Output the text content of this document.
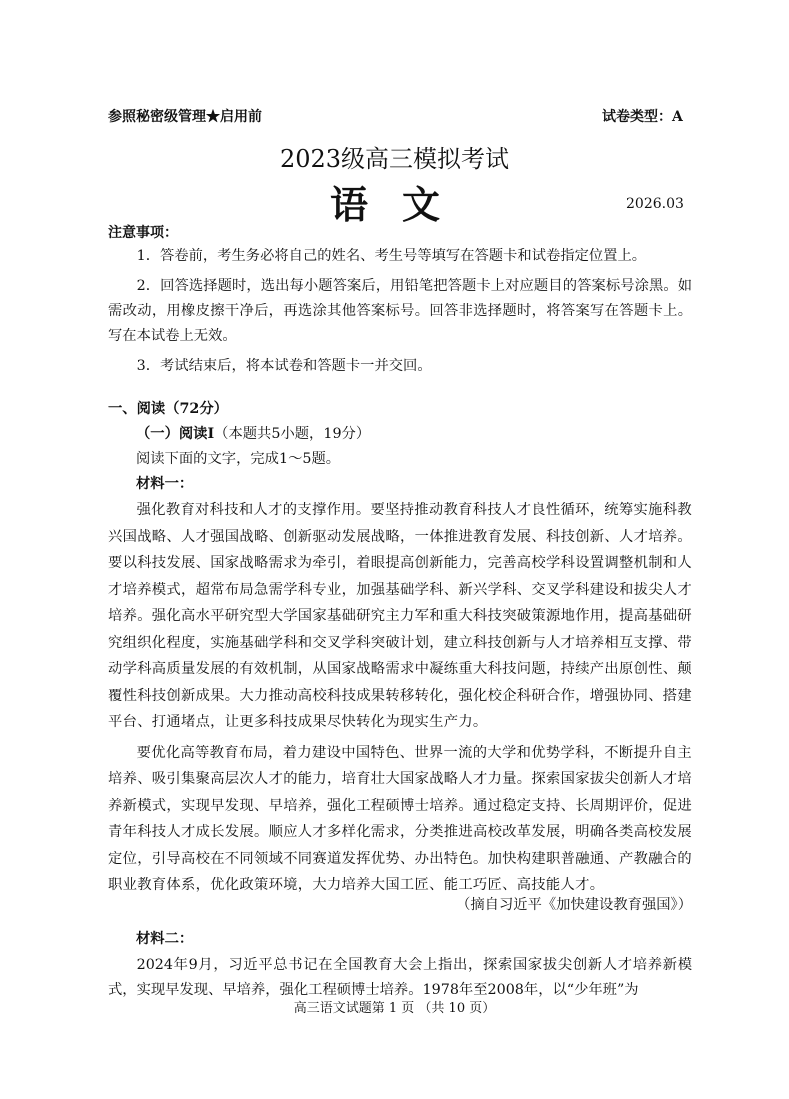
参照秘密级管理★启用前	试卷类型：A
2023级高三模拟考试
语文	2026.03
注意事项：
1．答卷前，考生务必将自己的姓名、考生号等填写在答题卡和试卷指定位置上。
2．回答选择题时，选出每小题答案后，用铅笔把答题卡上对应题目的答案标号涂黑。如需改动，用橡皮擦干净后，再选涂其他答案标号。回答非选择题时，将答案写在答题卡上。写在本试卷上无效。
3．考试结束后，将本试卷和答题卡一并交回。
一、阅读（72分）
（一）阅读Ⅰ（本题共5小题，19分）
阅读下面的文字，完成1～5题。
材料一：
强化教育对科技和人才的支撑作用。要坚持推动教育科技人才良性循环，统筹实施科教兴国战略、人才强国战略、创新驱动发展战略，一体推进教育发展、科技创新、人才培养。要以科技发展、国家战略需求为牵引，着眼提高创新能力，完善高校学科设置调整机制和人才培养模式，超常布局急需学科专业，加强基础学科、新兴学科、交叉学科建设和拔尖人才培养。强化高水平研究型大学国家基础研究主力军和重大科技突破策源地作用，提高基础研究组织化程度，实施基础学科和交叉学科突破计划，建立科技创新与人才培养相互支撑、带动学科高质量发展的有效机制，从国家战略需求中凝练重大科技问题，持续产出原创性、颠覆性科技创新成果。大力推动高校科技成果转移转化，强化校企科研合作，增强协同、搭建平台、打通堵点，让更多科技成果尽快转化为现实生产力。
要优化高等教育布局，着力建设中国特色、世界一流的大学和优势学科，不断提升自主培养、吸引集聚高层次人才的能力，培育壮大国家战略人才力量。探索国家拔尖创新人才培养新模式，实现早发现、早培养，强化工程硕博士培养。通过稳定支持、长周期评价，促进青年科技人才成长发展。顺应人才多样化需求，分类推进高校改革发展，明确各类高校发展定位，引导高校在不同领域不同赛道发挥优势、办出特色。加快构建职普融通、产教融合的职业教育体系，优化政策环境，大力培养大国工匠、能工巧匠、高技能人才。
（摘自习近平《加快建设教育强国》）
材料二：
2024年9月，习近平总书记在全国教育大会上指出，探索国家拔尖创新人才培养新模式，实现早发现、早培养，强化工程硕博士培养。1978年至2008年，以“少年班”为
高三语文试题第 1 页 （共 10 页）
